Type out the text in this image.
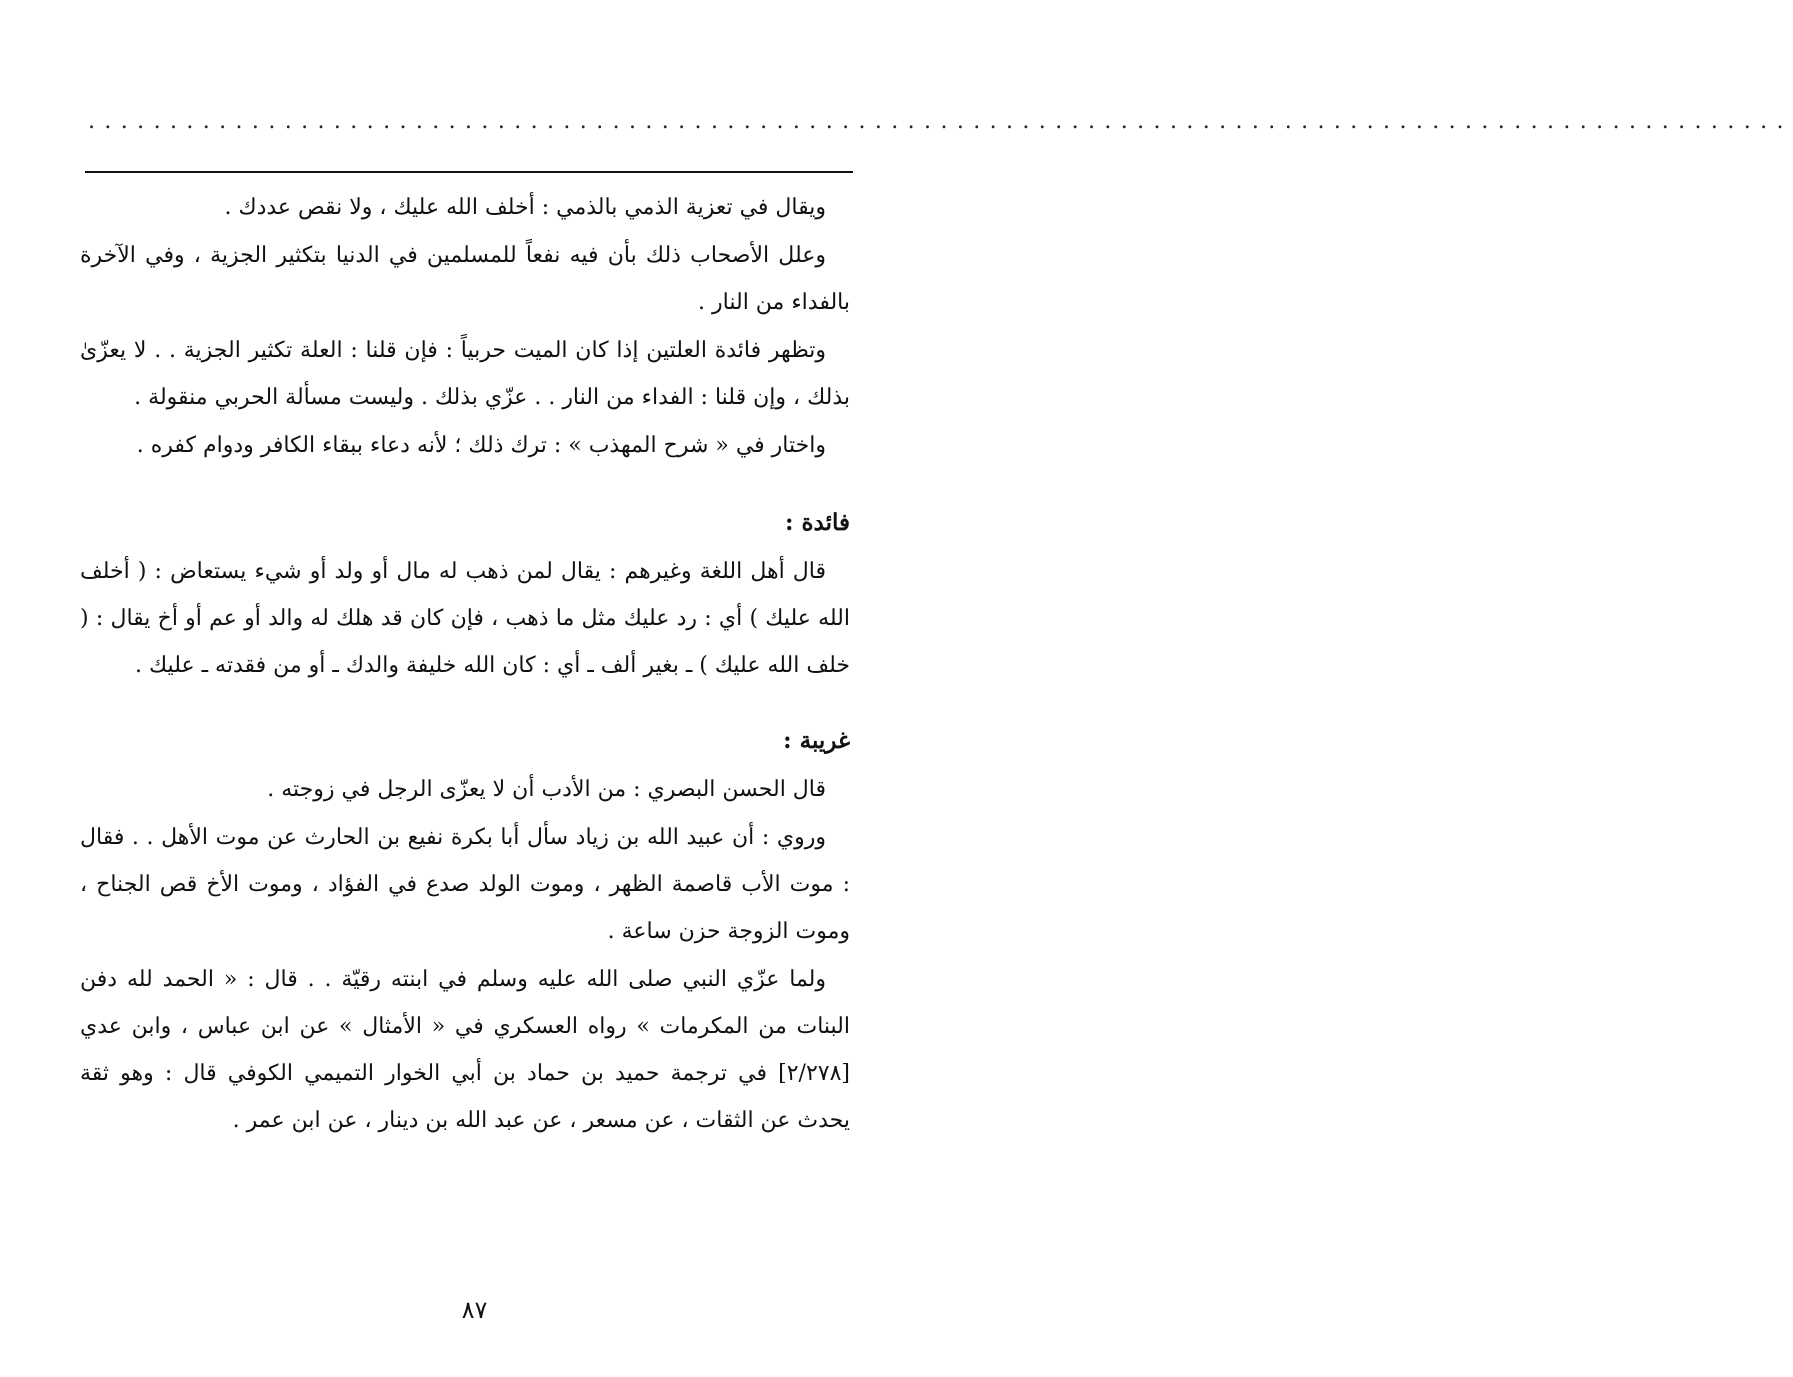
........................................................................................................

ويقال في تعزية الذمي بالذمي : أخلف الله عليك ، ولا نقص عددك .

وعلل الأصحاب ذلك بأن فيه نفعاً للمسلمين في الدنيا بتكثير الجزية ، وفي الآخرة بالفداء من النار .

وتظهر فائدة العلتين إذا كان الميت حربياً : فإن قلنا : العلة تكثير الجزية . . لا يعزّىٰ بذلك ، وإن قلنا : الفداء من النار . . عزّي بذلك . وليست مسألة الحربي منقولة .

واختار في « شرح المهذب » : ترك ذلك ؛ لأنه دعاء ببقاء الكافر ودوام كفره .

فائدة :

قال أهل اللغة وغيرهم : يقال لمن ذهب له مال أو ولد أو شيء يستعاض : ( أخلف الله عليك ) أي : رد عليك مثل ما ذهب ، فإن كان قد هلك له والد أو عم أو أخ يقال : ( خلف الله عليك ) ـ بغير ألف ـ أي : كان الله خليفة والدك ـ أو من فقدته ـ عليك .

غريبة :

قال الحسن البصري : من الأدب أن لا يعزّى الرجل في زوجته .

وروي : أن عبيد الله بن زياد سأل أبا بكرة نفيع بن الحارث عن موت الأهل . . فقال : موت الأب قاصمة الظهر ، وموت الولد صدع في الفؤاد ، وموت الأخ قص الجناح ، وموت الزوجة حزن ساعة .

ولما عزّي النبي صلى الله عليه وسلم في ابنته رقيّة . . قال : « الحمد لله دفن البنات من المكرمات » رواه العسكري في « الأمثال » عن ابن عباس ، وابن عدي [٢/٢٧٨] في ترجمة حميد بن حماد بن أبي الخوار التميمي الكوفي قال : وهو ثقة يحدث عن الثقات ، عن مسعر ، عن عبد الله بن دينار ، عن ابن عمر .

٨٧
